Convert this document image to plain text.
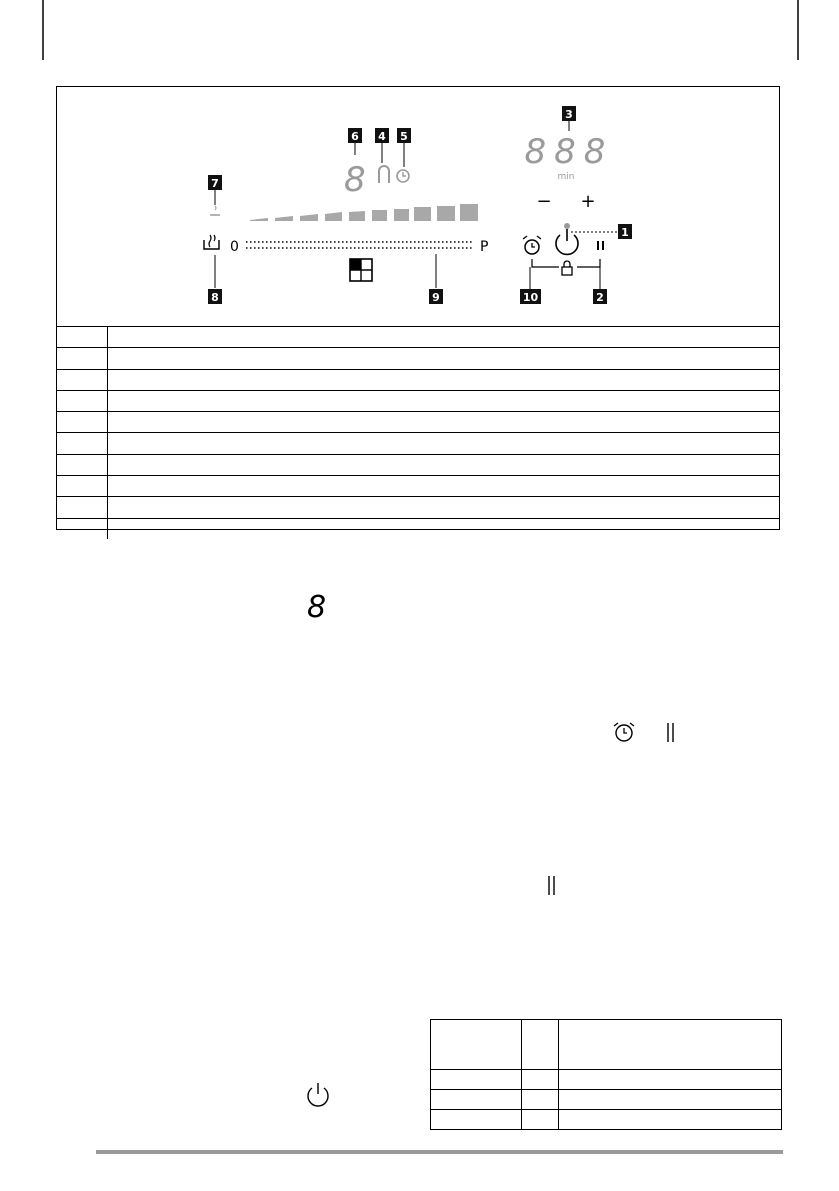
8
6 4 5
7
0	P
8	9
3
888
min
− +
1
10	2

8
